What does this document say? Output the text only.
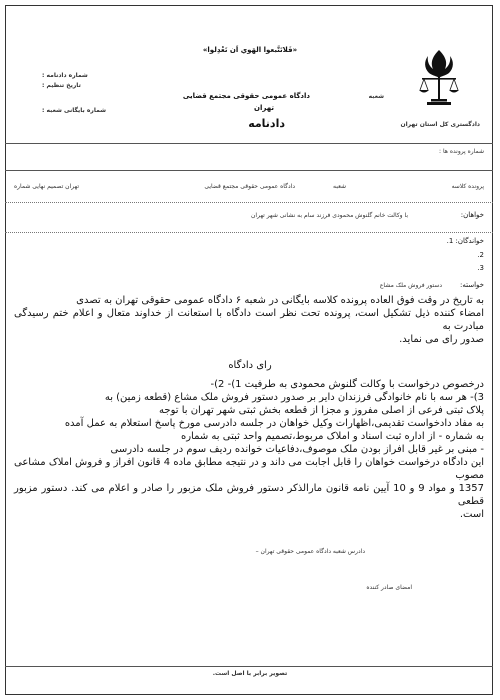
«فَلاتَتَّبعوا الهَوي اَن تَعْدِلوا»
شعبه
دادگاه عمومی حقوقی مجتمع قضایی
تهران
دادنامه	دادگستری کل استان تهران
شماره دادنامه :
تاریخ تنظیم :
شماره بایگانی شعبه :
شماره پرونده ها :
پرونده کلاسه
شعبه
دادگاه عمومی حقوقی مجتمع قضایی
تهران تصمیم نهایی شماره
خواهان:
با وکالت خانم گلنوش محمودی فرزند سام به نشانی شهر تهران
خواندگان: 1.
2.
3.
خواسته:
دستور فروش ملک مشاع

به تاریخ در وقت فوق العاده پرونده کلاسه بایگانی در شعبه ۶ دادگاه عمومی حقوقی تهران به تصدی

امضاء کننده ذیل تشکیل است، پرونده تحت نظر است دادگاه با استعانت از خداوند متعال و اعلام ختم رسیدگی مبادرت به

صدور رای می نماید.

رای دادگاه

درخصوص درخواست با وکالت گلنوش محمودی به طرفیت 1)- 2)-

3)- هر سه با نام خانوادگی فرزندان دایر بر صدور دستور فروش ملک مشاع (قطعه زمین) به

پلاک ثبتی فرعی از اصلی مفروز و مجزا از قطعه بخش ثبتی شهر تهران با توجه

به مفاد دادخواست تقدیمی،اظهارات وکیل خواهان در جلسه دادرسی مورخ پاسخ استعلام به عمل آمده

به شماره - از اداره ثبت اسناد و املاک مربوط،تصمیم واحد ثبتی به شماره

- مبنی بر غیر قابل افراز بودن ملک موصوف،دفاعیات خوانده ردیف سوم در جلسه دادرسی

این دادگاه درخواست خواهان را قابل اجابت می داند و در نتیجه مطابق ماده 4 قانون افراز و فروش املاک مشاعی مصوب

1357 و مواد 9 و 10 آیین نامه قانون مارالذکر دستور فروش ملک مزبور را صادر و اعلام می کند. دستور مزبور قطعی

است.

دادرس شعبه دادگاه عمومی حقوقی تهران –
امضای صادر کننده
تصویر برابر با اصل است.
